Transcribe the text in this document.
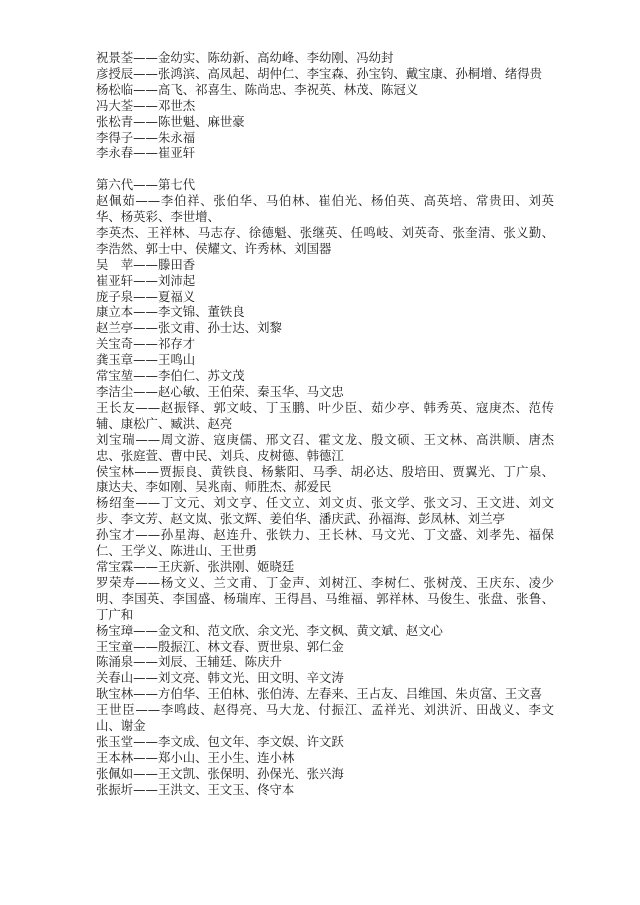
祝景荃——金幼实、陈幼新、高幼峰、李幼刚、冯幼封
彦授辰——张鸿滨、高凤起、胡仲仁、李宝森、孙宝钧、戴宝康、孙桐增、绪得贵
杨松临——高飞、祁喜生、陈尚忠、李祝英、林茂、陈冠义
冯大荃——邓世杰
张松青——陈世魁、麻世豪
李得子——朱永福
李永春——崔亚轩
第六代——第七代
赵佩茹——李伯祥、张伯华、马伯林、崔伯光、杨伯英、高英培、常贵田、刘英华、杨英彩、李世增、
李英杰、王祥林、马志存、徐德魁、张继英、任鸣岐、刘英奇、张奎清、张义勤、李浩然、郭士中、侯耀文、许秀林、刘国器
吴　苹——滕田香
崔亚轩——刘沛起
庞子泉——夏福义
康立本——李文锦、董铁良
赵兰亭——张文甫、孙士达、刘黎
关宝奇——祁存才
龚玉章——王鸣山
常宝堃——李伯仁、苏文茂
李洁尘——赵心敏、王伯荣、秦玉华、马文忠
王长友——赵振铎、郭文岐、丁玉鹏、叶少臣、茹少亭、韩秀英、寇庚杰、范传辅、康松广、臧洪、赵亮
刘宝瑞——周文游、寇庚儒、邢文召、霍文龙、殷文硕、王文林、高洪顺、唐杰忠、张庭萱、曹中民、刘兵、皮树德、韩德江
侯宝林——贾振良、黄铁良、杨紫阳、马季、胡必达、殷培田、贾翼光、丁广泉、康达夫、李如刚、吴兆南、师胜杰、郝爱民
杨绍奎——丁文元、刘文亨、任文立、刘文贞、张文学、张文习、王文进、刘文步、李文芳、赵文岚、张文辉、姜伯华、潘庆武、孙福海、彭凤林、刘兰亭
孙宝才——孙星海、赵连升、张铁力、王长林、马文光、丁文盛、刘孝先、福保仁、王学义、陈进山、王世勇
常宝霖——王庆新、张洪刚、姬晓廷
罗荣寿——杨文义、兰文甫、丁金声、刘树江、李树仁、张树茂、王庆东、凌少明、李国英、李国盛、杨瑞库、王得昌、马维福、郭祥林、马俊生、张盘、张鲁、丁广和
杨宝璋——金文和、范文欣、余文光、李文枫、黄文斌、赵文心
王宝童——殷振江、林文春、贾世泉、郭仁金
陈涌泉——刘辰、王辅廷、陈庆升
关春山——刘文亮、韩文光、田文明、辛文涛
耿宝林——方伯华、王伯林、张伯涛、左春来、王占友、吕维国、朱贞富、王文喜
王世臣——李鸣歧、赵得亮、马大龙、付振江、孟祥光、刘洪沂、田战义、李文山、谢金
张玉堂——李文成、包文年、李文娱、许文跃
王本林——郑小山、王小生、连小林
张佩如——王文凯、张保明、孙保光、张兴海
张振圻——王洪文、王文玉、佟守本
